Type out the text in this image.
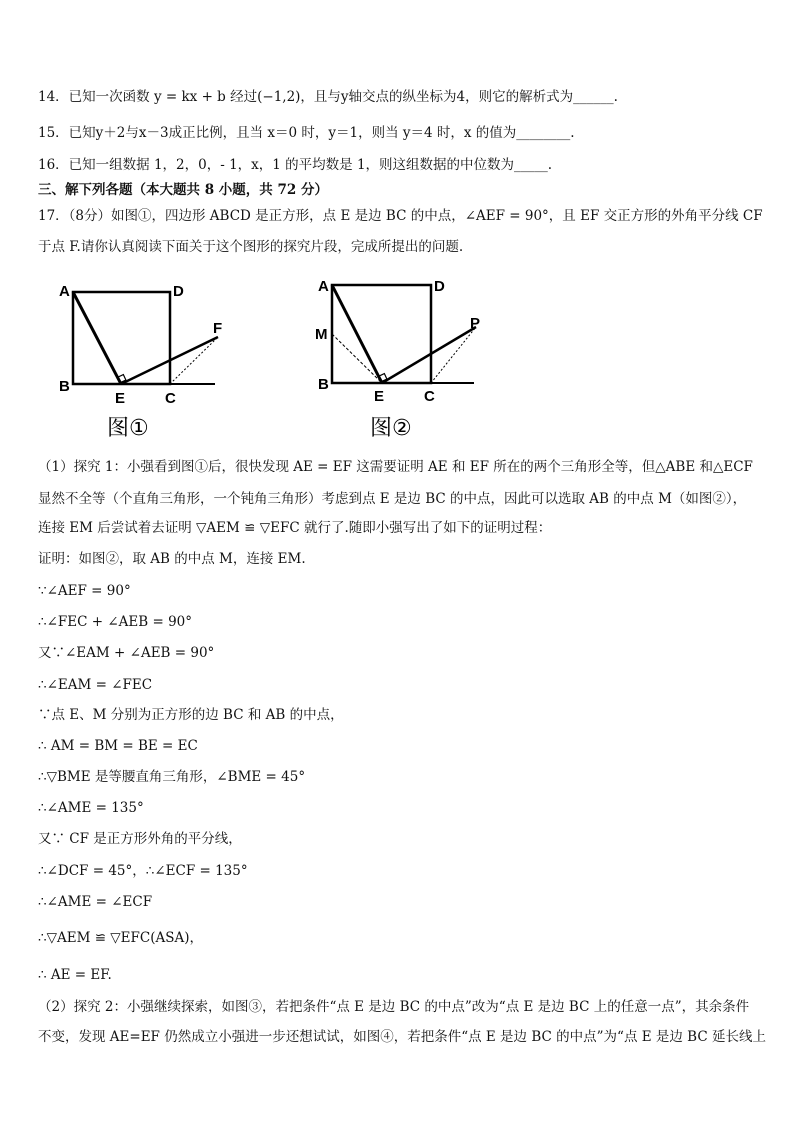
14．已知一次函数 y = kx + b 经过(−1,2)，且与y轴交点的纵坐标为4，则它的解析式为______.
15．已知y＋2与x－3成正比例，且当 x＝0 时，y＝1，则当 y＝4 时，x 的值为________.
16．已知一组数据 1，2，0，- 1，x，1 的平均数是 1，则这组数据的中位数为_____.
三、解下列各题（本大题共 8 小题，共 72 分）
17．（8分）如图①，四边形 ABCD 是正方形，点 E 是边 BC 的中点，∠AEF = 90°，且 EF 交正方形的外角平分线 CF
于点 F.请你认真阅读下面关于这个图形的探究片段，完成所提出的问题.
A	D
B
E	C
F
图①
A	D
M
B
E	C
P
图②
（1）探究 1：小强看到图①后，很快发现 AE = EF 这需要证明 AE 和 EF 所在的两个三角形全等，但△ABE 和△ECF
显然不全等（个直角三角形，一个钝角三角形）考虑到点 E 是边 BC 的中点，因此可以选取 AB 的中点 M（如图②），
连接 EM 后尝试着去证明 ▽AEM ≌ ▽EFC 就行了.随即小强写出了如下的证明过程：
证明：如图②，取 AB 的中点 M，连接 EM.
∵∠AEF = 90°
∴∠FEC + ∠AEB = 90°
又∵∠EAM + ∠AEB = 90°
∴∠EAM = ∠FEC
∵点 E、M 分别为正方形的边 BC 和 AB 的中点，
∴ AM = BM = BE = EC
∴▽BME 是等腰直角三角形，∠BME = 45°
∴∠AME = 135°
又∵ CF 是正方形外角的平分线，
∴∠DCF = 45°，∴∠ECF = 135°
∴∠AME = ∠ECF
∴▽AEM ≌ ▽EFC(ASA)，
∴ AE = EF.
（2）探究 2：小强继续探索，如图③，若把条件“点 E 是边 BC 的中点”改为“点 E 是边 BC 上的任意一点”，其余条件
不变，发现 AE=EF 仍然成立小强进一步还想试试，如图④，若把条件“点 E 是边 BC 的中点”为“点 E 是边 BC 延长线上
